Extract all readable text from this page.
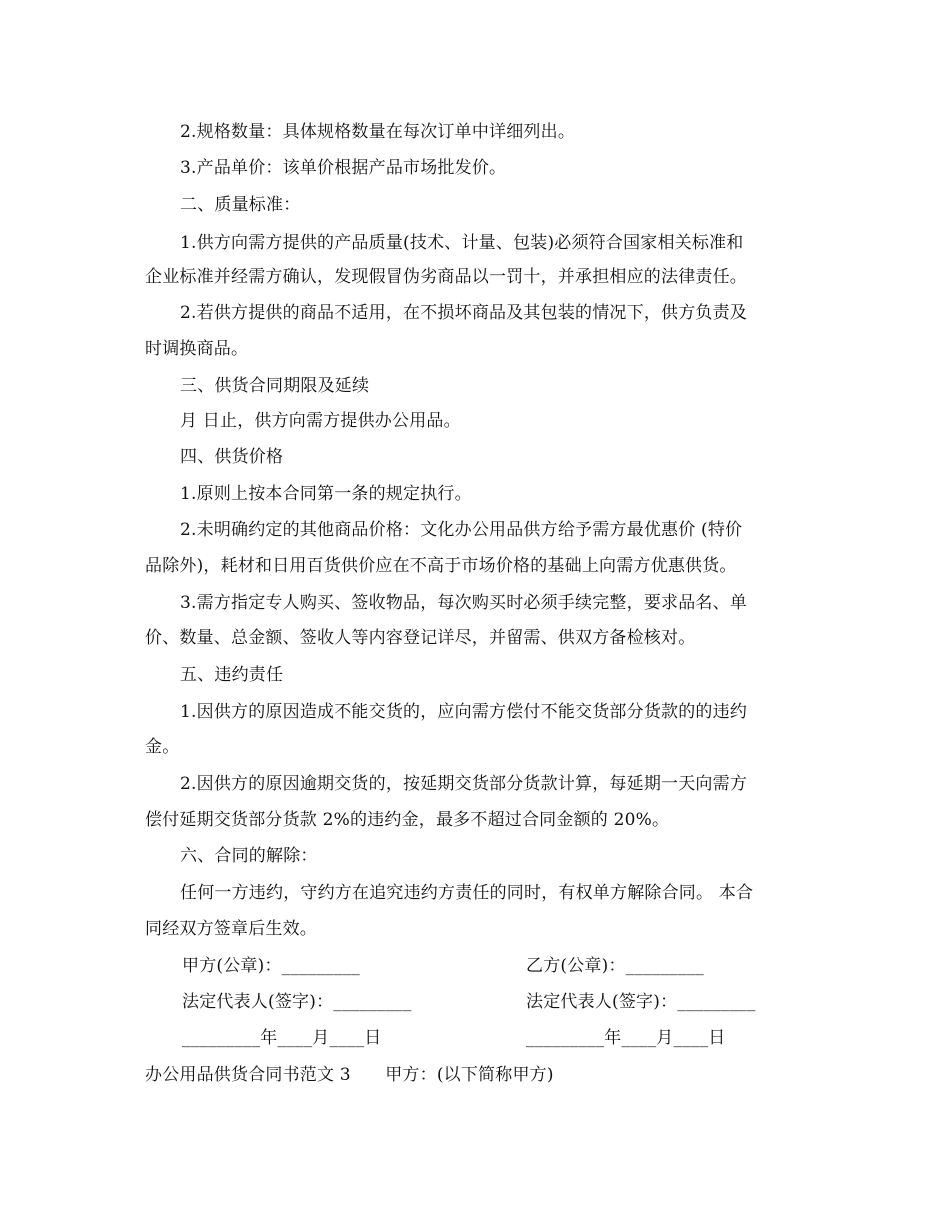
2.规格数量：具体规格数量在每次订单中详细列出。
3.产品单价：该单价根据产品市场批发价。
二、质量标准：
1.供方向需方提供的产品质量(技术、计量、包装)必须符合国家相关标准和
企业标准并经需方确认，发现假冒伪劣商品以一罚十，并承担相应的法律责任。
2.若供方提供的商品不适用，在不损坏商品及其包装的情况下，供方负责及
时调换商品。
三、供货合同期限及延续
月 日止，供方向需方提供办公用品。
四、供货价格
1.原则上按本合同第一条的规定执行。
2.未明确约定的其他商品价格：文化办公用品供方给予需方最优惠价 (特价
品除外)，耗材和日用百货供价应在不高于市场价格的基础上向需方优惠供货。
3.需方指定专人购买、签收物品，每次购买时必须手续完整，要求品名、单
价、数量、总金额、签收人等内容登记详尽，并留需、供双方备检核对。
五、违约责任
1.因供方的原因造成不能交货的，应向需方偿付不能交货部分货款的的违约
金。
2.因供方的原因逾期交货的，按延期交货部分货款计算，每延期一天向需方
偿付延期交货部分货款 2%的违约金，最多不超过合同金额的 20%。
六、合同的解除：
任何一方违约，守约方在追究违约方责任的同时，有权单方解除合同。 本合
同经双方签章后生效。
甲方(公章)：_________	乙方(公章)：_________
法定代表人(签字)：_________	法定代表人(签字)：_________
_________年____月____日	_________年____月____日
办公用品供货合同书范文 3　　甲方：(以下简称甲方)
